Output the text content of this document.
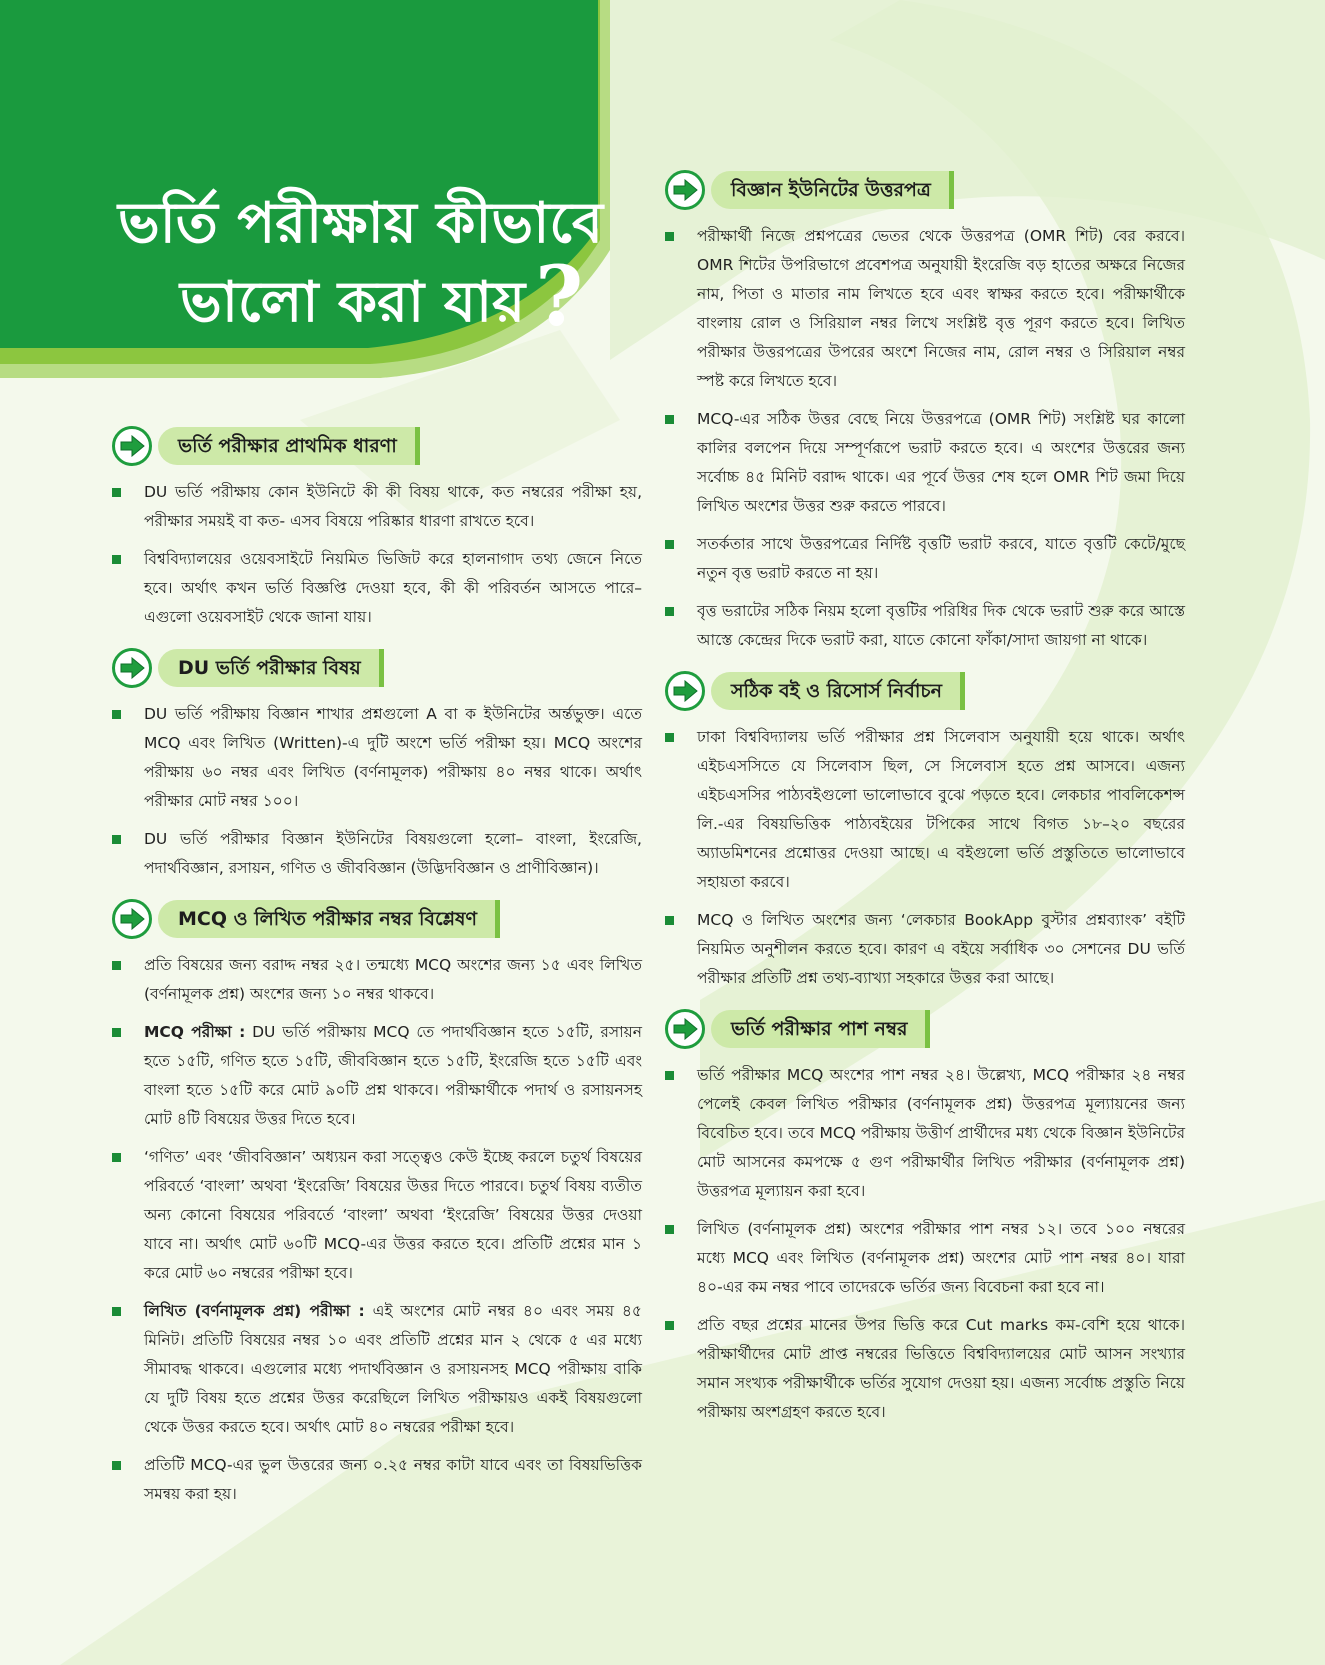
ভর্তি পরীক্ষায় কীভাবে
ভালো করা যায় ?
ভর্তি পরীক্ষার প্রাথমিক ধারণা
DU ভর্তি পরীক্ষায় কোন ইউনিটে কী কী বিষয় থাকে, কত নম্বরের পরীক্ষা হয়, পরীক্ষার সময়ই বা কত- এসব বিষয়ে পরিষ্কার ধারণা রাখতে হবে।
বিশ্ববিদ্যালয়ের ওয়েবসাইটে নিয়মিত ভিজিট করে হালনাগাদ তথ্য জেনে নিতে হবে। অর্থাৎ কখন ভর্তি বিজ্ঞপ্তি দেওয়া হবে, কী কী পরিবর্তন আসতে পারে– এগুলো ওয়েবসাইট থেকে জানা যায়।
DU ভর্তি পরীক্ষার বিষয়
DU ভর্তি পরীক্ষায় বিজ্ঞান শাখার প্রশ্নগুলো A বা ক ইউনিটের অর্ন্তভুক্ত। এতে MCQ এবং লিখিত (Written)-এ দুটি অংশে ভর্তি পরীক্ষা হয়। MCQ অংশের পরীক্ষায় ৬০ নম্বর এবং লিখিত (বর্ণনামূলক) পরীক্ষায় ৪০ নম্বর থাকে। অর্থাৎ পরীক্ষার মোট নম্বর ১০০।
DU ভর্তি পরীক্ষার বিজ্ঞান ইউনিটের বিষয়গুলো হলো– বাংলা, ইংরেজি, পদার্থবিজ্ঞান, রসায়ন, গণিত ও জীববিজ্ঞান (উদ্ভিদবিজ্ঞান ও প্রাণীবিজ্ঞান)।
MCQ ও লিখিত পরীক্ষার নম্বর বিশ্লেষণ
প্রতি বিষয়ের জন্য বরাদ্দ নম্বর ২৫। তন্মধ্যে MCQ অংশের জন্য ১৫ এবং লিখিত (বর্ণনামূলক প্রশ্ন) অংশের জন্য ১০ নম্বর থাকবে।
MCQ পরীক্ষা : DU ভর্তি পরীক্ষায় MCQ তে পদার্থবিজ্ঞান হতে ১৫টি, রসায়ন হতে ১৫টি, গণিত হতে ১৫টি, জীববিজ্ঞান হতে ১৫টি, ইংরেজি হতে ১৫টি এবং বাংলা হতে ১৫টি করে মোট ৯০টি প্রশ্ন থাকবে। পরীক্ষার্থীকে পদার্থ ও রসায়নসহ মোট ৪টি বিষয়ের উত্তর দিতে হবে।
‘গণিত’ এবং ‘জীববিজ্ঞান’ অধ্যয়ন করা সত্ত্বেও কেউ ইচ্ছে করলে চতুর্থ বিষয়ের পরিবর্তে ‘বাংলা’ অথবা ‘ইংরেজি’ বিষয়ের উত্তর দিতে পারবে। চতুর্থ বিষয় ব্যতীত অন্য কোনো বিষয়ের পরিবর্তে ‘বাংলা’ অথবা ‘ইংরেজি’ বিষয়ের উত্তর দেওয়া যাবে না। অর্থাৎ মোট ৬০টি MCQ-এর উত্তর করতে হবে। প্রতিটি প্রশ্নের মান ১ করে মোট ৬০ নম্বরের পরীক্ষা হবে।
লিখিত (বর্ণনামূলক প্রশ্ন) পরীক্ষা : এই অংশের মোট নম্বর ৪০ এবং সময় ৪৫ মিনিট। প্রতিটি বিষয়ের নম্বর ১০ এবং প্রতিটি প্রশ্নের মান ২ থেকে ৫ এর মধ্যে সীমাবদ্ধ থাকবে। এগুলোর মধ্যে পদার্থবিজ্ঞান ও রসায়নসহ MCQ পরীক্ষায় বাকি যে দুটি বিষয় হতে প্রশ্নের উত্তর করেছিলে লিখিত পরীক্ষায়ও একই বিষয়গুলো থেকে উত্তর করতে হবে। অর্থাৎ মোট ৪০ নম্বরের পরীক্ষা হবে।
প্রতিটি MCQ-এর ভুল উত্তরের জন্য ০.২৫ নম্বর কাটা যাবে এবং তা বিষয়ভিত্তিক সমন্বয় করা হয়।
বিজ্ঞান ইউনিটের উত্তরপত্র
পরীক্ষার্থী নিজে প্রশ্নপত্রের ভেতর থেকে উত্তরপত্র (OMR শিট) বের করবে। OMR শিটের উপরিভাগে প্রবেশপত্র অনুযায়ী ইংরেজি বড় হাতের অক্ষরে নিজের নাম, পিতা ও মাতার নাম লিখতে হবে এবং স্বাক্ষর করতে হবে। পরীক্ষার্থীকে বাংলায় রোল ও সিরিয়াল নম্বর লিখে সংশ্লিষ্ট বৃত্ত পূরণ করতে হবে। লিখিত পরীক্ষার উত্তরপত্রের উপরের অংশে নিজের নাম, রোল নম্বর ও সিরিয়াল নম্বর স্পষ্ট করে লিখতে হবে।
MCQ-এর সঠিক উত্তর বেছে নিয়ে উত্তরপত্রে (OMR শিট) সংশ্লিষ্ট ঘর কালো কালির বলপেন দিয়ে সম্পূর্ণরূপে ভরাট করতে হবে। এ অংশের উত্তরের জন্য সর্বোচ্চ ৪৫ মিনিট বরাদ্দ থাকে। এর পূর্বে উত্তর শেষ হলে OMR শিট জমা দিয়ে লিখিত অংশের উত্তর শুরু করতে পারবে।
সতর্কতার সাথে উত্তরপত্রের নির্দিষ্ট বৃত্তটি ভরাট করবে, যাতে বৃত্তটি কেটে/মুছে নতুন বৃত্ত ভরাট করতে না হয়।
বৃত্ত ভরাটের সঠিক নিয়ম হলো বৃত্তটির পরিধির দিক থেকে ভরাট শুরু করে আস্তে আস্তে কেন্দ্রের দিকে ভরাট করা, যাতে কোনো ফাঁকা/সাদা জায়গা না থাকে।
সঠিক বই ও রিসোর্স নির্বাচন
ঢাকা বিশ্ববিদ্যালয় ভর্তি পরীক্ষার প্রশ্ন সিলেবাস অনুযায়ী হয়ে থাকে। অর্থাৎ এইচএসসিতে যে সিলেবাস ছিল, সে সিলেবাস হতে প্রশ্ন আসবে। এজন্য এইচএসসির পাঠ্যবইগুলো ভালোভাবে বুঝে পড়তে হবে। লেকচার পাবলিকেশন্স লি.-এর বিষয়ভিত্তিক পাঠ্যবইয়ের টপিকের সাথে বিগত ১৮–২০ বছরের অ্যাডমিশনের প্রশ্নোত্তর দেওয়া আছে। এ বইগুলো ভর্তি প্রস্তুতিতে ভালোভাবে সহায়তা করবে।
MCQ ও লিখিত অংশের জন্য ‘লেকচার BookApp বুস্টার প্রশ্নব্যাংক’ বইটি নিয়মিত অনুশীলন করতে হবে। কারণ এ বইয়ে সর্বাধিক ৩০ সেশনের DU ভর্তি পরীক্ষার প্রতিটি প্রশ্ন তথ্য-ব্যাখ্যা সহকারে উত্তর করা আছে।
ভর্তি পরীক্ষার পাশ নম্বর
ভর্তি পরীক্ষার MCQ অংশের পাশ নম্বর ২৪। উল্লেখ্য, MCQ পরীক্ষার ২৪ নম্বর পেলেই কেবল লিখিত পরীক্ষার (বর্ণনামূলক প্রশ্ন) উত্তরপত্র মূল্যায়নের জন্য বিবেচিত হবে। তবে MCQ পরীক্ষায় উত্তীর্ণ প্রার্থীদের মধ্য থেকে বিজ্ঞান ইউনিটের মোট আসনের কমপক্ষে ৫ গুণ পরীক্ষার্থীর লিখিত পরীক্ষার (বর্ণনামূলক প্রশ্ন) উত্তরপত্র মূল্যায়ন করা হবে।
লিখিত (বর্ণনামূলক প্রশ্ন) অংশের পরীক্ষার পাশ নম্বর ১২। তবে ১০০ নম্বরের মধ্যে MCQ এবং লিখিত (বর্ণনামূলক প্রশ্ন) অংশের মোট পাশ নম্বর ৪০। যারা ৪০-এর কম নম্বর পাবে তাদেরকে ভর্তির জন্য বিবেচনা করা হবে না।
প্রতি বছর প্রশ্নের মানের উপর ভিত্তি করে Cut marks কম-বেশি হয়ে থাকে। পরীক্ষার্থীদের মোট প্রাপ্ত নম্বরের ভিত্তিতে বিশ্ববিদ্যালয়ের মোট আসন সংখ্যার সমান সংখ্যক পরীক্ষার্থীকে ভর্তির সুযোগ দেওয়া হয়। এজন্য সর্বোচ্চ প্রস্তুতি নিয়ে পরীক্ষায় অংশগ্রহণ করতে হবে।
